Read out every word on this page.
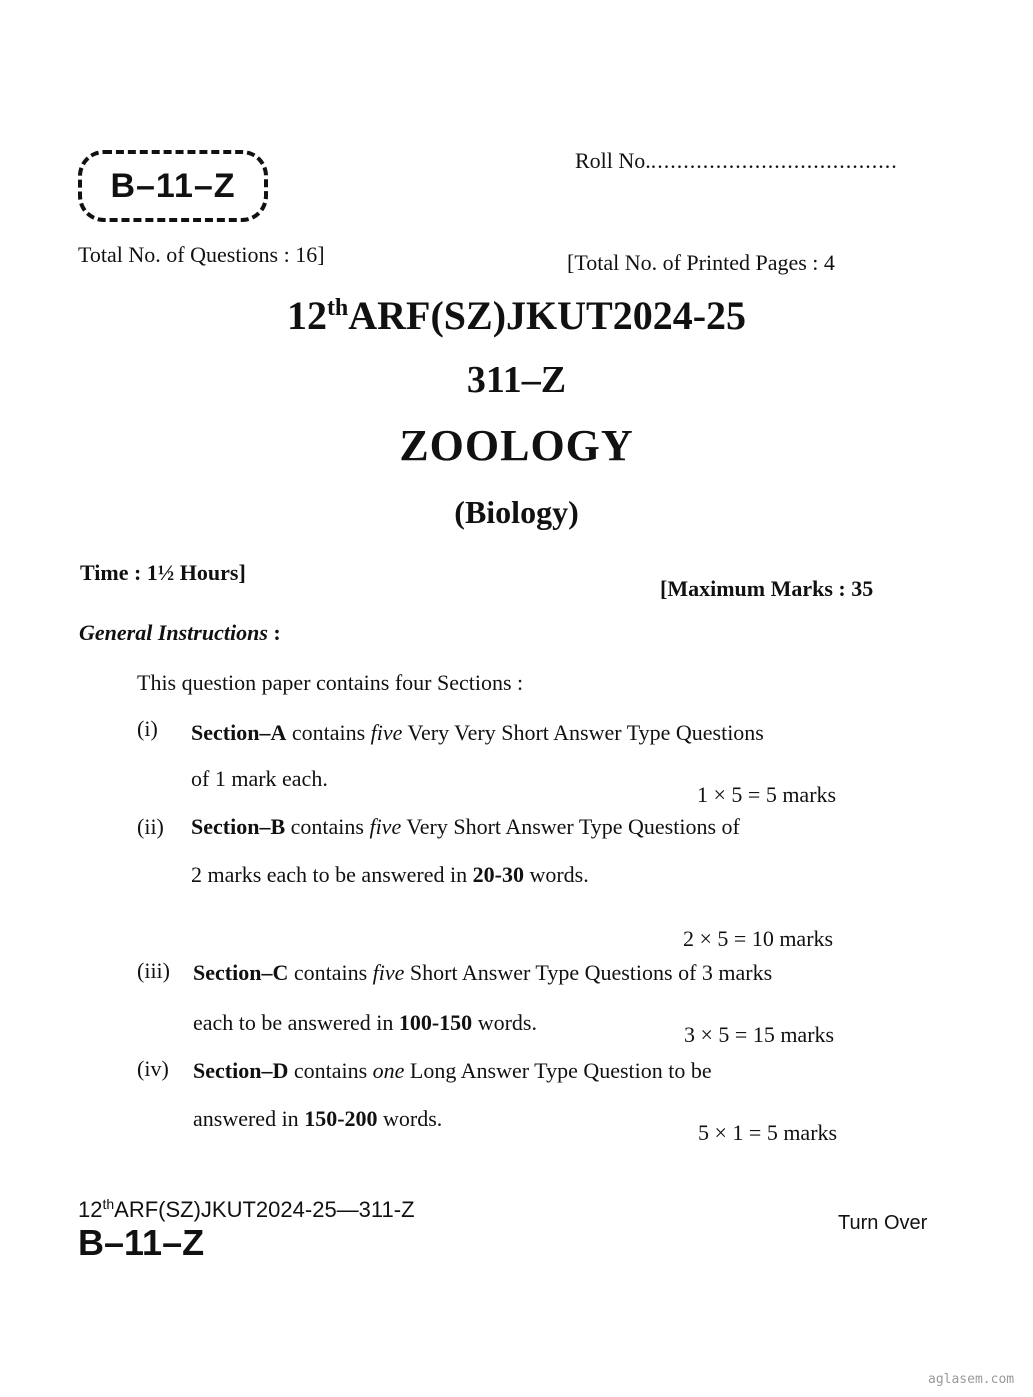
B–11–Z
Roll No.......................................
Total No. of Questions : 16]	[Total No. of Printed Pages : 4
12thARF(SZ)JKUT2024-25
311–Z
ZOOLOGY
(Biology)
Time : 1½ Hours]
[Maximum Marks : 35
General Instructions :
This question paper contains four Sections :
(i) Section–A contains five Very Very Short Answer Type Questions
of 1 mark each.
1 × 5 = 5 marks
(ii) Section–B contains five Very Short Answer Type Questions of
2 marks each to be answered in 20-30 words.
2 × 5 = 10 marks
(iii) Section–C contains five Short Answer Type Questions of 3 marks
each to be answered in 100-150 words.	3 × 5 = 15 marks
(iv) Section–D contains one Long Answer Type Question to be
answered in 150-200 words.
5 × 1 = 5 marks
12thARF(SZ)JKUT2024-25—311-Z
B–11–Z	Turn Over
aglasem.com
